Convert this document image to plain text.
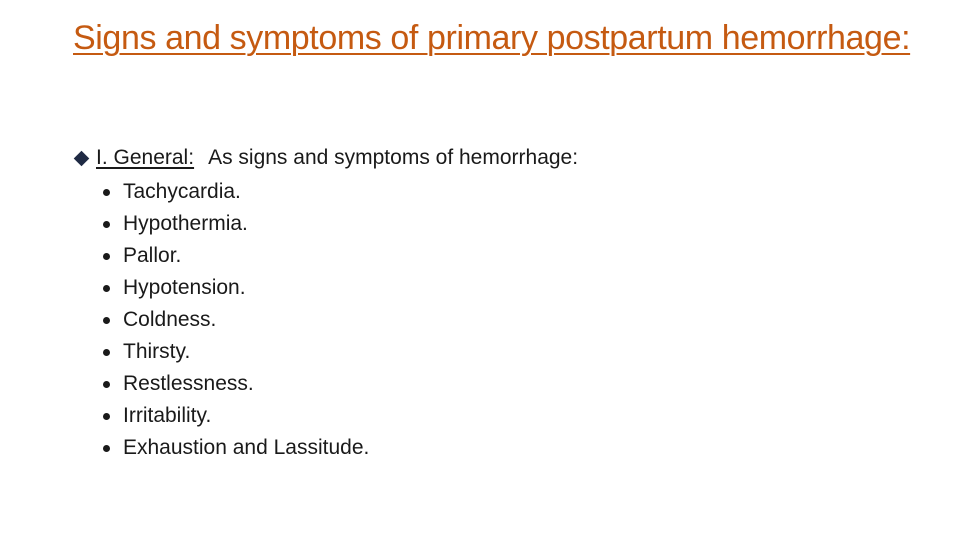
Signs and symptoms of primary postpartum hemorrhage:
I. General: As signs and symptoms of hemorrhage:
Tachycardia.
Hypothermia.
Pallor.
Hypotension.
Coldness.
Thirsty.
Restlessness.
Irritability.
Exhaustion and Lassitude.
